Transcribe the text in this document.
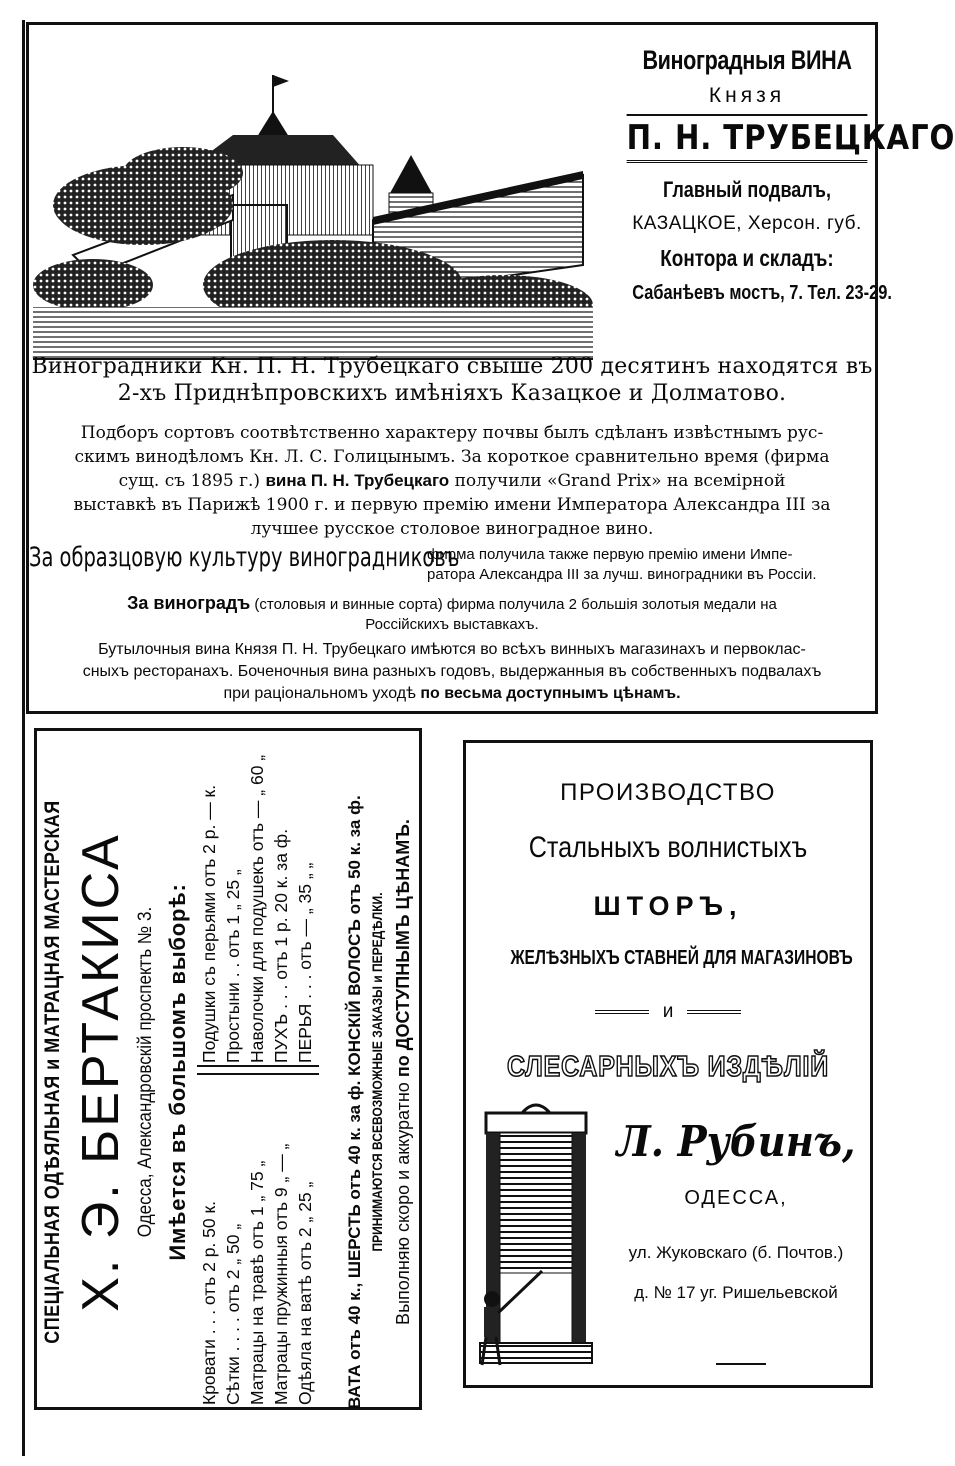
Виноградныя ВИНА
Князя
П. Н. ТРУБЕЦКАГО
Главный подвалъ,
КАЗАЦКОЕ, Херсон. губ.
Контора и складъ:
Сабанѣевъ мостъ, 7. Тел. 23-29.
Виноградники Кн. П. Н. Трубецкаго свыше 200 десятинъ находятся въ
2-хъ Приднѣпровскихъ имѣніяхъ Казацкое и Долматово.
Подборъ сортовъ соотвѣтственно характеру почвы былъ сдѣланъ извѣстнымъ рус-
скимъ винодѣломъ Кн. Л. С. Голицынымъ. За короткое сравнительно время (фирма
сущ. съ 1895 г.) вина П. Н. Трубецкаго получили «Grand Prix» на всемірной
выставкѣ въ Парижѣ 1900 г. и первую премію имени Императора Александра III за
лучшее русское столовое виноградное вино.
За образцовую культуру виноградниковъ
фирма получила также первую премію имени Импе-
ратора Александра III за лучш. виноградники въ Россіи.
За виноградъ (столовыя и винные сорта) фирма получила 2 большія золотыя медали на
Россійскихъ выставкахъ.
Бутылочныя вина Князя П. Н. Трубецкаго имѣются во всѣхъ винныхъ магазинахъ и первоклас-
сныхъ ресторанахъ. Боченочныя вина разныхъ годовъ, выдержанныя въ собственныхъ подвалахъ
при раціональномъ уходѣ по весьма доступнымъ цѣнамъ.
СПЕЦІАЛЬНАЯ ОДѢЯЛЬНАЯ и МАТРАЦНАЯ МАСТЕРСКАЯ Х. Э. БЕРТАКИСА Одесса, Александровскій проспектъ № 3. Имѣется въ большомъ выборѣ:
Кровати . . . отъ 2 р. 50 к. Сѣтки . . . . отъ 2 „ 50 „ Матрацы на травѣ отъ 1 „ 75 „ Матрацы пружинныя отъ 9 „ — „ Одѣяла на ватѣ отъ 2 „ 25 „
Подушки съ перьями отъ 2 р. — к. Простыни . . отъ 1 „ 25 „ Наволочки для подушекъ отъ — „ 60 „ ПУХЪ . . . отъ 1 р. 20 к. за ф. ПЕРЬЯ . . . отъ — „ 35 „ „ ВАТА отъ 40 к., ШЕРСТЬ отъ 40 к. за ф. КОНСКІЙ ВОЛОСЪ отъ 50 к. за ф. ПРИНИМАЮТСЯ ВСЕВОЗМОЖНЫЕ ЗАКАЗЫ и ПЕРЕДѢЛКИ. Выполняю скоро и аккуратно по ДОСТУПНЫМЪ ЦѢНАМЪ.
ПРОИЗВОДСТВО
Стальныхъ волнистыхъ
ШТОРЪ,
ЖЕЛѢЗНЫХЪ СТАВНЕЙ ДЛЯ МАГАЗИНОВЪ
и
СЛЕСАРНЫХЪ ИЗДѢЛІЙ
Л. Рубинъ,
ОДЕССА,
ул. Жуковскаго (б. Почтов.)
д. № 17 уг. Ришельевской
